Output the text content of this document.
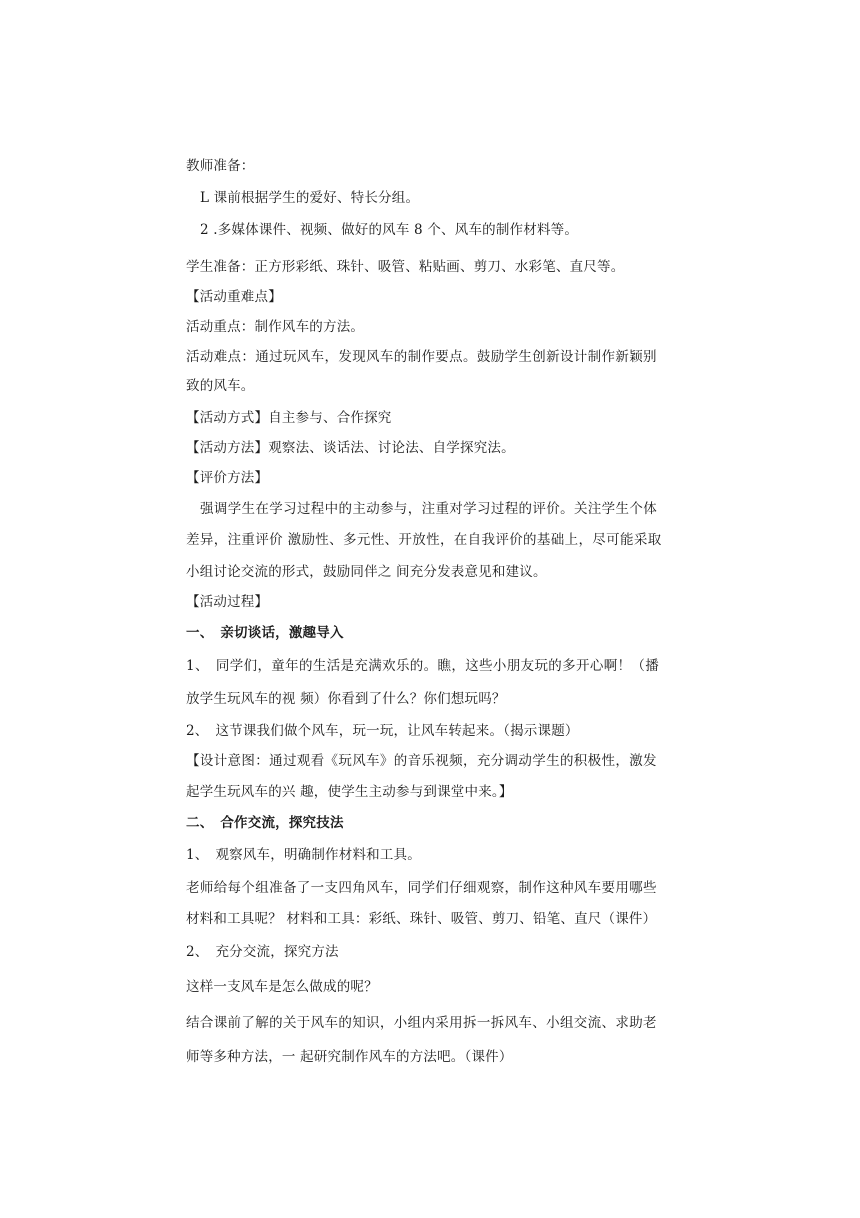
教师准备：
L 课前根据学生的爱好、特长分组。
2 .多媒体课件、视频、做好的风车 8 个、风车的制作材料等。
学生准备：正方形彩纸、珠针、吸管、粘贴画、剪刀、水彩笔、直尺等。
【活动重难点】
活动重点：制作风车的方法。
活动难点：通过玩风车，发现风车的制作要点。鼓励学生创新设计制作新颖别
致的风车。
【活动方式】自主参与、合作探究
【活动方法】观察法、谈话法、讨论法、自学探究法。
【评价方法】
强调学生在学习过程中的主动参与，注重对学习过程的评价。关注学生个体
差异，注重评价 激励性、多元性、开放性，在自我评价的基础上，尽可能采取
小组讨论交流的形式，鼓励同伴之 间充分发表意见和建议。
【活动过程】
一、　亲切谈话，激趣导入
1、　同学们，童年的生活是充满欢乐的。瞧，这些小朋友玩的多开心啊！（播
放学生玩风车的视 频）你看到了什么？你们想玩吗？
2、　这节课我们做个风车，玩一玩，让风车转起来。（揭示课题）
【设计意图：通过观看《玩风车》的音乐视频，充分调动学生的积极性，激发
起学生玩风车的兴 趣，使学生主动参与到课堂中来。】
二、　合作交流，探究技法
1、　观察风车，明确制作材料和工具。
老师给每个组准备了一支四角风车，同学们仔细观察，制作这种风车要用哪些
材料和工具呢？ 材料和工具：彩纸、珠针、吸管、剪刀、铅笔、直尺（课件）
2、　充分交流，探究方法
这样一支风车是怎么做成的呢？
结合课前了解的关于风车的知识，小组内采用拆一拆风车、小组交流、求助老
师等多种方法，一 起研究制作风车的方法吧。（课件）
